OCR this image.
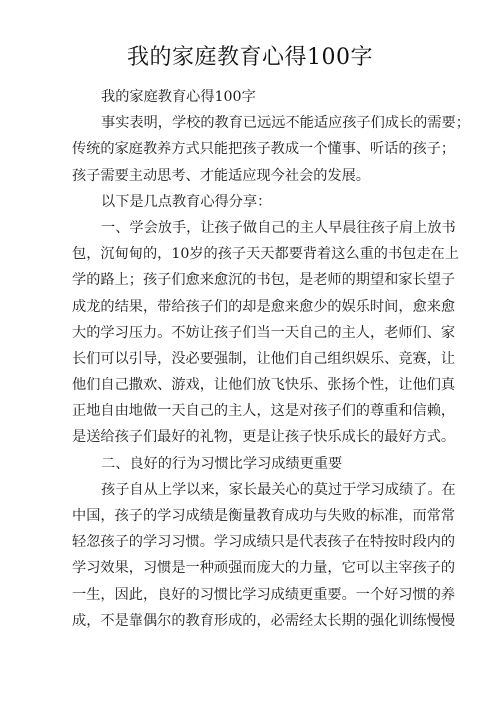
我的家庭教育心得100字
我的家庭教育心得100字
事实表明，学校的教育已远远不能适应孩子们成长的需要；
传统的家庭教养方式只能把孩子教成一个懂事、听话的孩子；
孩子需要主动思考、才能适应现今社会的发展。
以下是几点教育心得分享：
一、学会放手，让孩子做自己的主人早晨往孩子肩上放书
包，沉甸甸的，10岁的孩子天天都要背着这么重的书包走在上
学的路上；孩子们愈来愈沉的书包，是老师的期望和家长望子
成龙的结果，带给孩子们的却是愈来愈少的娱乐时间，愈来愈
大的学习压力。不妨让孩子们当一天自己的主人，老师们、家
长们可以引导，没必要强制，让他们自己组织娱乐、竞赛，让
他们自己撒欢、游戏，让他们放飞快乐、张扬个性，让他们真
正地自由地做一天自己的主人，这是对孩子们的尊重和信赖，
是送给孩子们最好的礼物，更是让孩子快乐成长的最好方式。
二、良好的行为习惯比学习成绩更重要
孩子自从上学以来，家长最关心的莫过于学习成绩了。在
中国，孩子的学习成绩是衡量教育成功与失败的标准，而常常
轻忽孩子的学习习惯。学习成绩只是代表孩子在特按时段内的
学习效果，习惯是一种顽强而庞大的力量，它可以主宰孩子的
一生，因此，良好的习惯比学习成绩更重要。一个好习惯的养
成，不是靠偶尔的教育形成的，必需经太长期的强化训练慢慢
